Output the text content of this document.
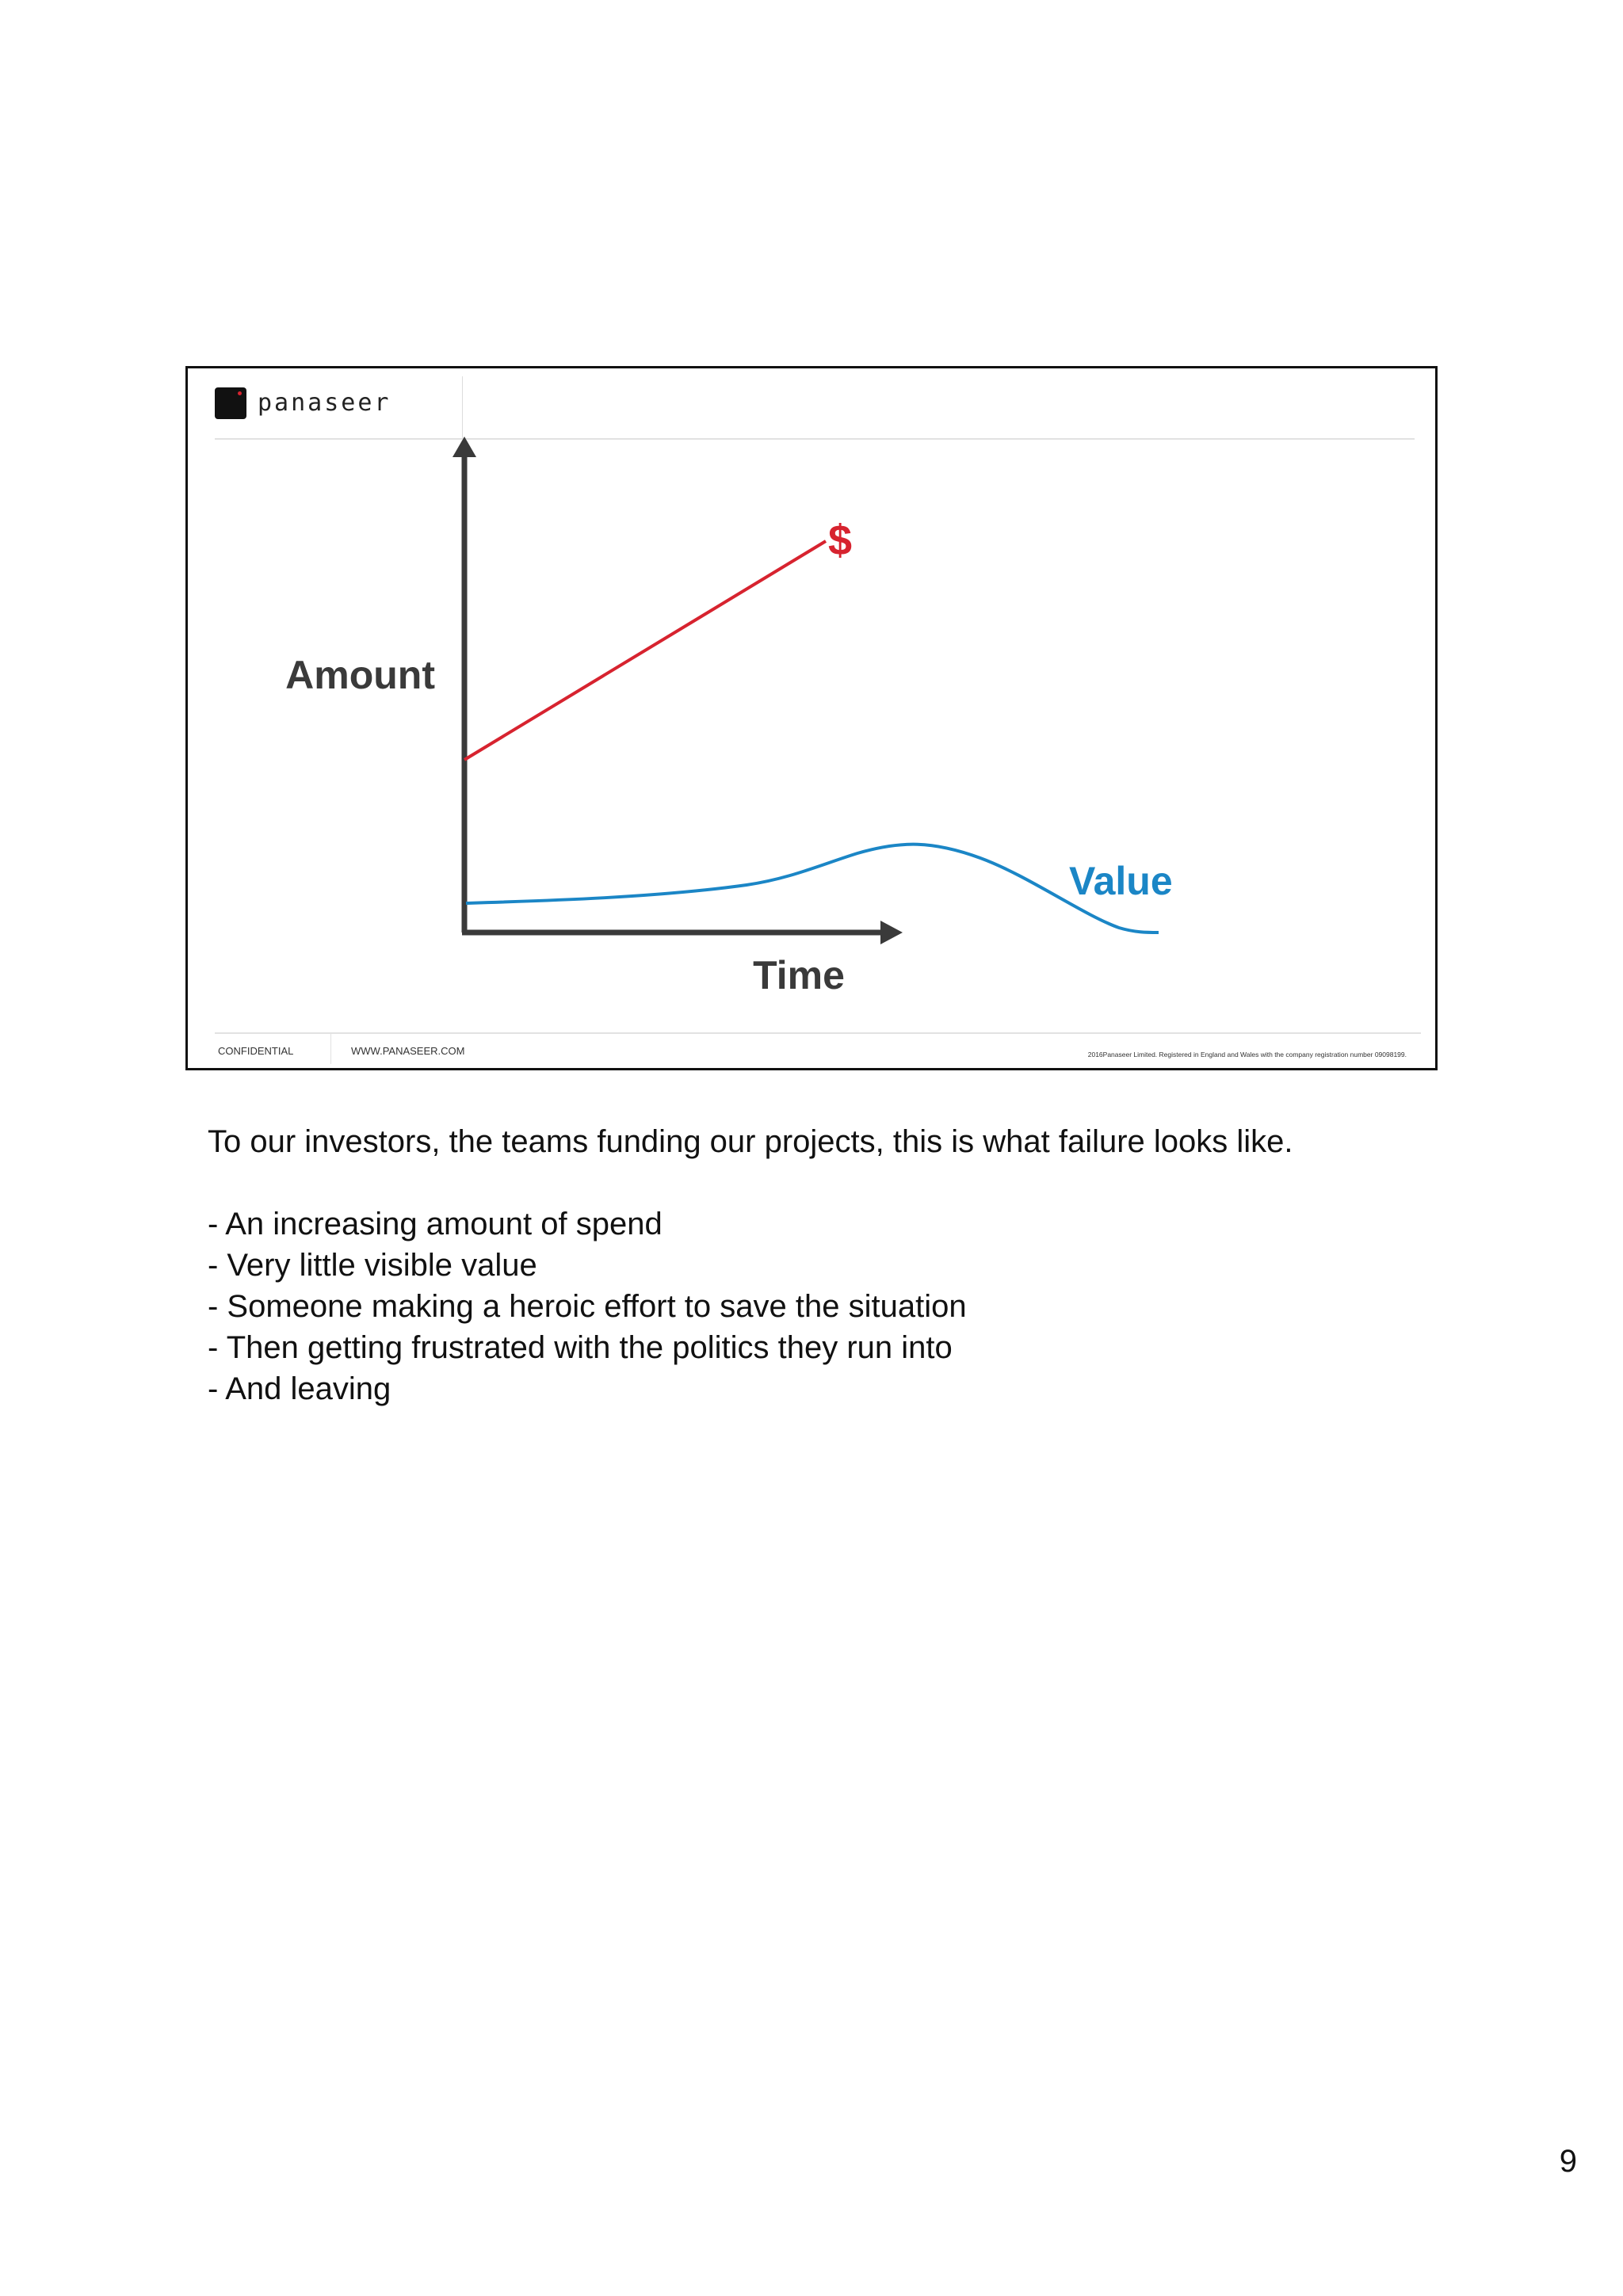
panaseer
Amount
Time
$
Value
CONFIDENTIAL	WWW.PANASEER.COM	2016Panaseer Limited. Registered in England and Wales with the company registration number 09098199.

To our investors, the teams funding our projects, this is what failure looks like.

- An increasing amount of spend
- Very little visible value
- Someone making a heroic effort to save the situation
- Then getting frustrated with the politics they run into
- And leaving
9
